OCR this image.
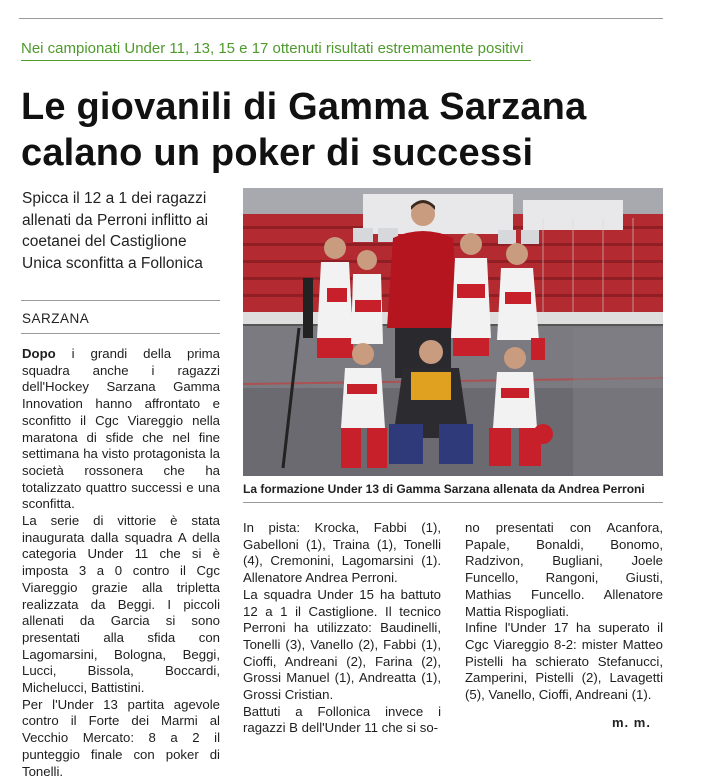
Nei campionati Under 11, 13, 15 e 17 ottenuti risultati estremamente positivi
Le giovanili di Gamma Sarzana
calano un poker di successi
Spicca il 12 a 1 dei ragazzi allenati da Perroni inflitto ai coetanei del Castiglione Unica sconfitta a Follonica
SARZANA

Dopo i grandi della prima squadra anche i ragazzi dell'Hockey Sarzana Gamma Innovation hanno affrontato e sconfitto il Cgc Viareggio nella maratona di sfide che nel fine settimana ha visto protagonista la società rossonera che ha totalizzato quattro successi e una sconfitta.

La serie di vittorie è stata inaugurata dalla squadra A della categoria Under 11 che si è imposta 3 a 0 contro il Cgc Viareggio grazie alla tripletta realizzata da Beggi. I piccoli allenati da Garcia si sono presentati alla sfida con Lagomarsini, Bologna, Beggi, Lucci, Bissola, Boccardi, Michelucci, Battistini.

Per l'Under 13 partita agevole contro il Forte dei Marmi al Vecchio Mercato: 8 a 2 il punteggio finale con poker di Tonelli.

La formazione Under 13 di Gamma Sarzana allenata da Andrea Perroni

In pista: Krocka, Fabbi (1), Gabelloni (1), Traina (1), Tonelli (4), Cremonini, Lagomarsini (1). Allenatore Andrea Perroni.

La squadra Under 15 ha battuto 12 a 1 il Castiglione. Il tecnico Perroni ha utilizzato: Baudinelli, Tonelli (3), Vanello (2), Fabbi (1), Cioffi, Andreani (2), Farina (2), Grossi Manuel (1), Andreatta (1), Grossi Cristian.

Battuti a Follonica invece i ragazzi B dell'Under 11 che si so-

no presentati con Acanfora, Papale, Bonaldi, Bonomo, Radzivon, Bugliani, Joele Funcello, Rangoni, Giusti, Mathias Funcello. Allenatore Mattia Rispogliati.

Infine l'Under 17 ha superato il Cgc Viareggio 8-2: mister Matteo Pistelli ha schierato Stefanucci, Zamperini, Pistelli (2), Lavagetti (5), Vanello, Cioffi, Andreani (1).

m. m.
